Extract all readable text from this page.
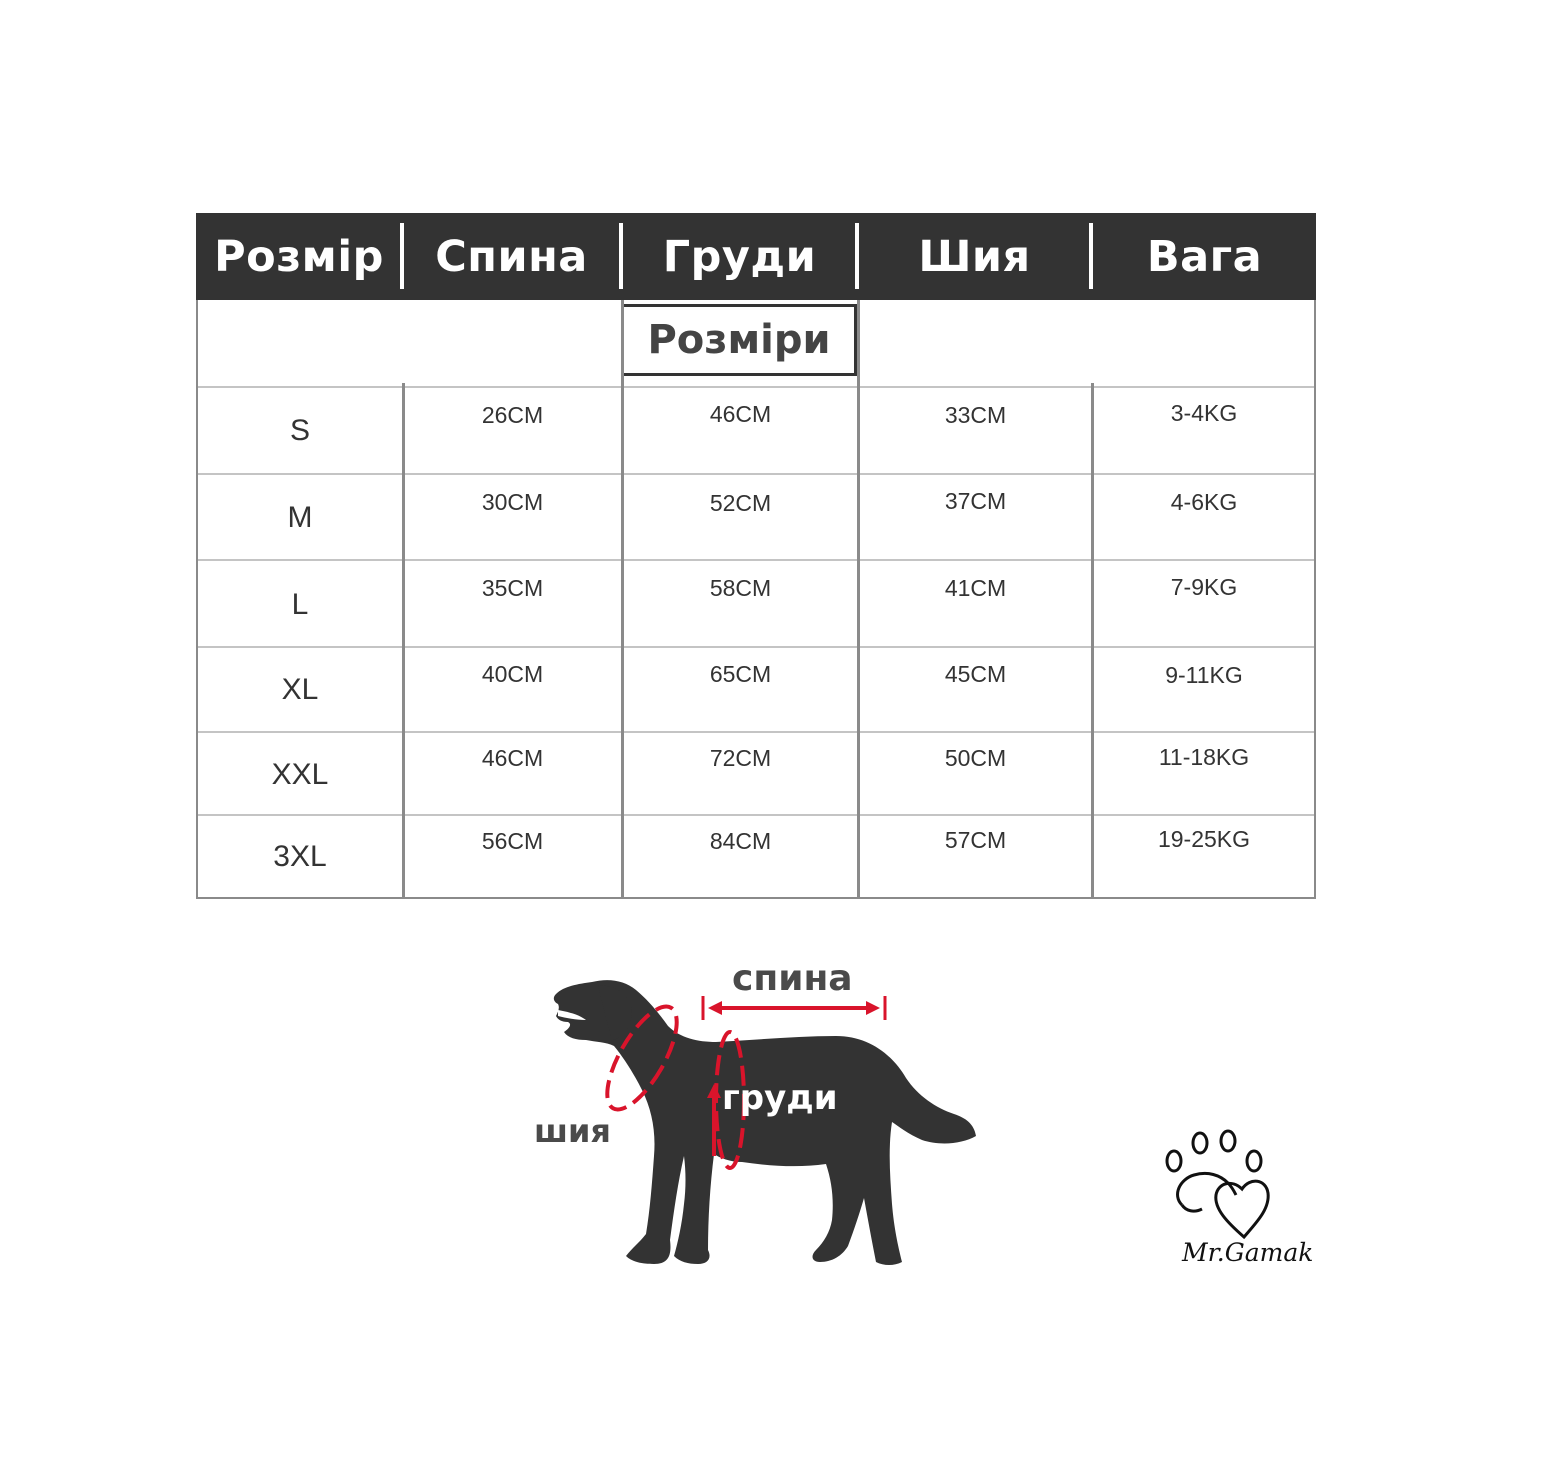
Розмір	Спина	Груди	Шия	Вага
Розміри
S	26CM	46CM	33CM	3-4KG
M	30CM	52CM	37CM	4-6KG
L	35CM	58CM	41CM	7-9KG
XL	40CM	65CM	45CM	9-11KG
XXL	46CM	72CM	50CM	11-18KG
3XL	56CM	84CM	57CM	19-25KG
спина
груди
шия
Mr.Gamak
